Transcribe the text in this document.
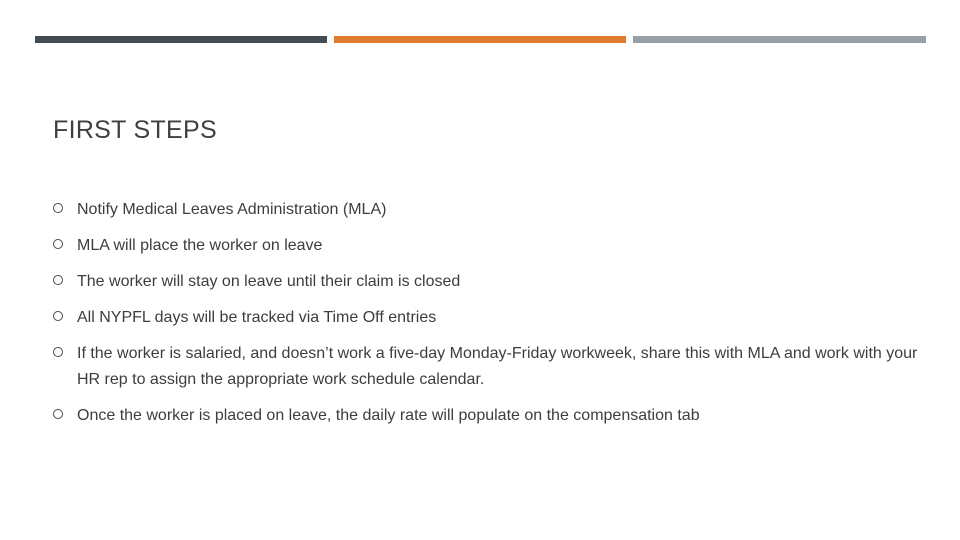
FIRST STEPS
Notify Medical Leaves Administration (MLA)
MLA will place the worker on leave
The worker will stay on leave until their claim is closed
All NYPFL days will be tracked via Time Off entries
If the worker is salaried, and doesn’t work a five-day Monday-Friday workweek, share this with MLA and work with your HR rep to assign the appropriate work schedule calendar.
Once the worker is placed on leave, the daily rate will populate on the compensation tab
